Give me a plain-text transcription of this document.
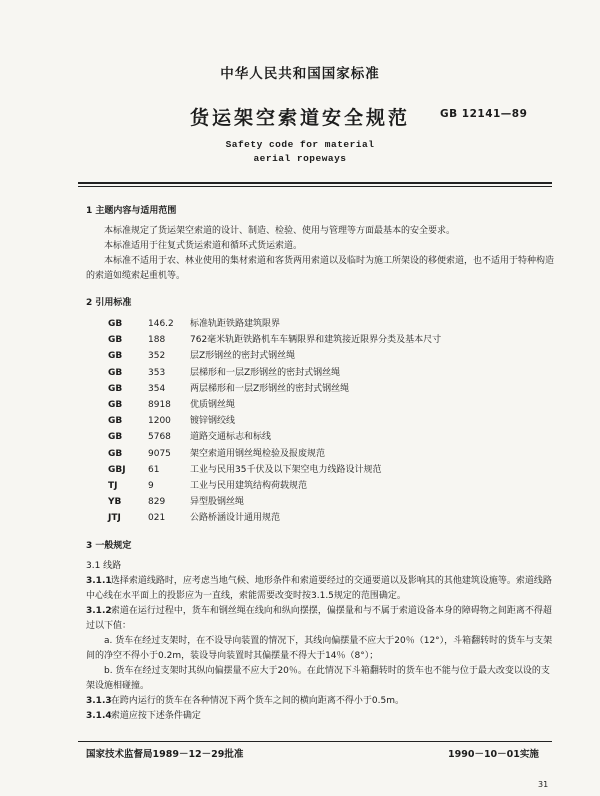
中华人民共和国国家标准
货运架空索道安全规范	GB 12141—89
Safety code for material
aerial ropeways
1 主题内容与适用范围

本标准规定了货运架空索道的设计、制造、检验、使用与管理等方面最基本的安全要求。

本标准适用于往复式货运索道和循环式货运索道。

本标准不适用于农、林业使用的集材索道和客货两用索道以及临时为施工所架设的移便索道，也不适用于特种构造的索道如缆索起重机等。

2 引用标准
GB	146.2	标准轨距铁路建筑限界
GB	188	762毫米轨距铁路机车车辆限界和建筑接近限界分类及基本尺寸
GB	352	层Z形钢丝的密封式钢丝绳
GB	353	层梯形和一层Z形钢丝的密封式钢丝绳
GB	354	两层梯形和一层Z形钢丝的密封式钢丝绳
GB	8918	优质钢丝绳
GB	1200	镀锌钢绞线
GB	5768	道路交通标志和标线
GB	9075	架空索道用钢丝绳检验及报废规范
GBJ	61	工业与民用35千伏及以下架空电力线路设计规范
TJ	9	工业与民用建筑结构荷载规范
YB	829	异型股钢丝绳
JTJ	021	公路桥涵设计通用规范
3 一般规定

3.1 线路

3.1.1 选择索道线路时，应考虑当地气候、地形条件和索道要经过的交通要道以及影响其的其他建筑设施等。索道线路中心线在水平面上的投影应为一直线，索能需要改变时按3.1.5规定的范围确定。

3.1.2 索道在运行过程中，货车和钢丝绳在线向和纵向摆摆，偏摆量和与不属于索道设备本身的障碍物之间距离不得超过以下值：

a. 货车在经过支架时，在不设导向装置的情况下，其线向偏摆量不应大于20％（12°），斗箱翻转时的货车与支架间的净空不得小于0.2m，装设导向装置时其偏摆量不得大于14％（8°）；

b. 货车在经过支架时其纵向偏摆量不应大于20％。在此情况下斗箱翻转时的货车也不能与位于最大改变以设的支架设施相碰撞。

3.1.3 在跨内运行的货车在各种情况下两个货车之间的横向距离不得小于0.5m。

3.1.4 索道应按下述条件确定

国家技术监督局1989－12－29批准	1990－10－01实施
31
